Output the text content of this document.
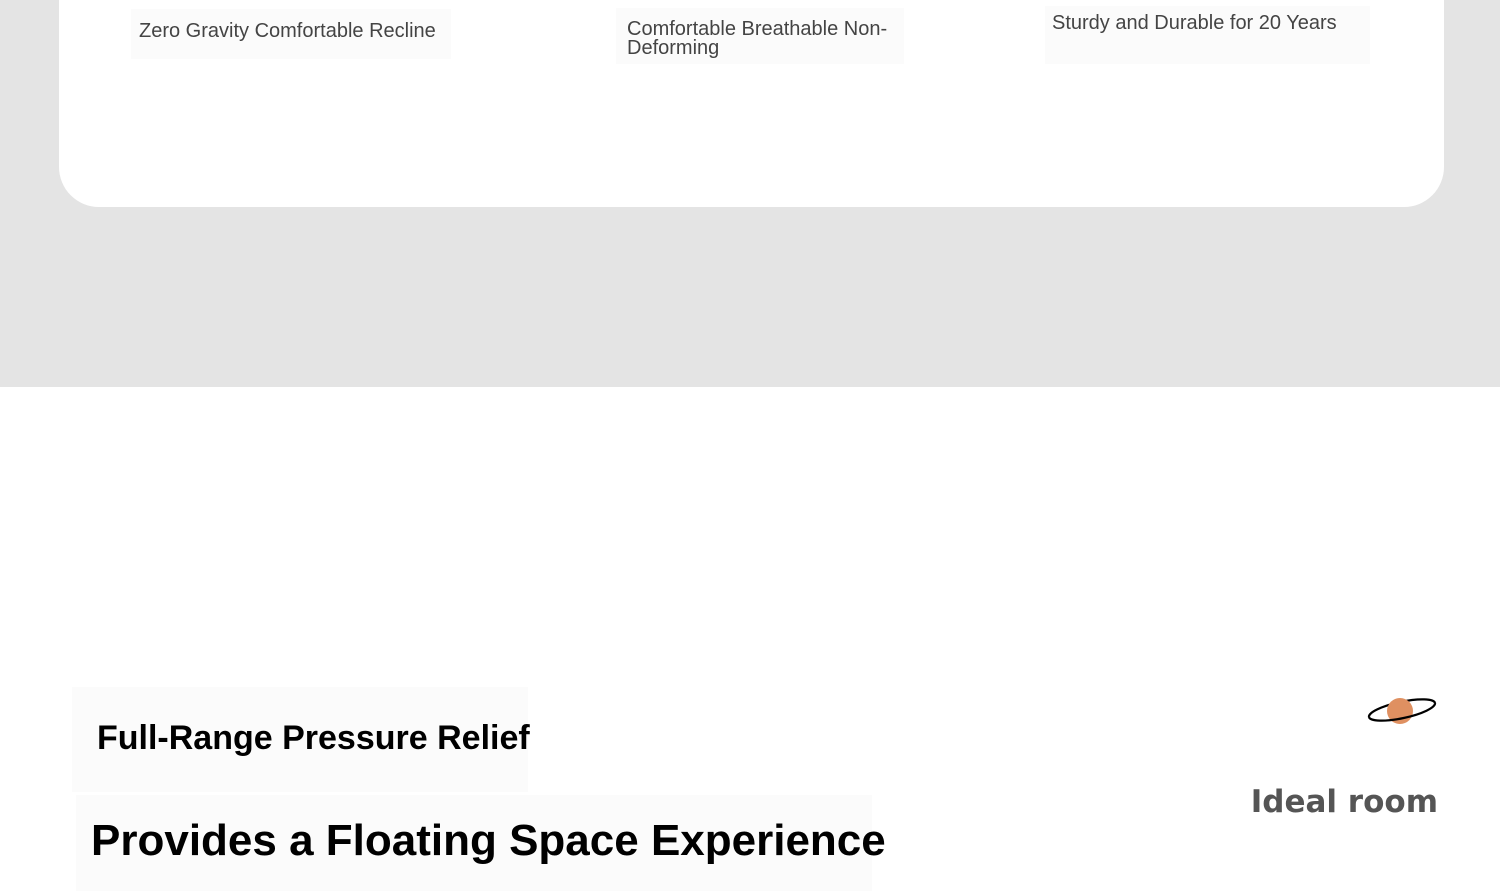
Zero Gravity Comfortable Recline	Comfortable Breathable Non-Deforming
Sturdy and Durable for 20 Years
Full-Range Pressure Relief
Provides a Floating Space Experience
Ideal room
